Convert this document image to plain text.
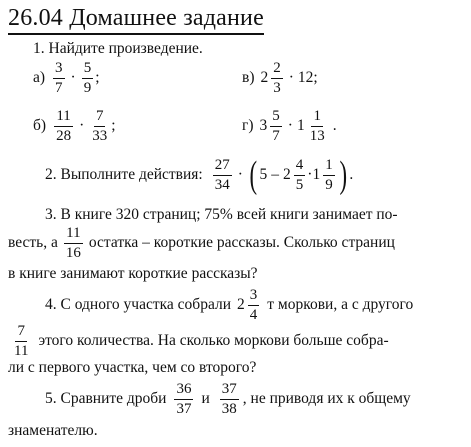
26.04 Домашнее задание
1. Найдите произведение.
$а) \frac{3}{7} \cdot \frac{5}{9}$ ;	в) $2 \frac{2}{3} \cdot 12$;
$б) \frac{11}{28} \cdot \frac{7}{33}$ ;	г) $3 \frac{5}{7} \cdot 1 \frac{1}{13}$ .
2. Выполните действия: $\frac{27}{34}$ · ( $5 - 2 \frac{4}{5} \cdot 1 \frac{1}{9}$ ) .
3. В книге 320 страниц; 75% всей книги занимает по-
весть, а $\frac{11}{16}$ остатка – короткие рассказы. Сколько страниц
в книге занимают короткие рассказы?
4. С одного участка собрали $2 \frac{3}{4}$ т моркови, а с другого
$\frac{7}{11}$ этого количества. На сколько моркови больше собра-
ли с первого участка, чем со второго?
5. Сравните дроби $\frac{36}{37}$ и $\frac{37}{38}$ , не приводя их к общему
знаменателю.
